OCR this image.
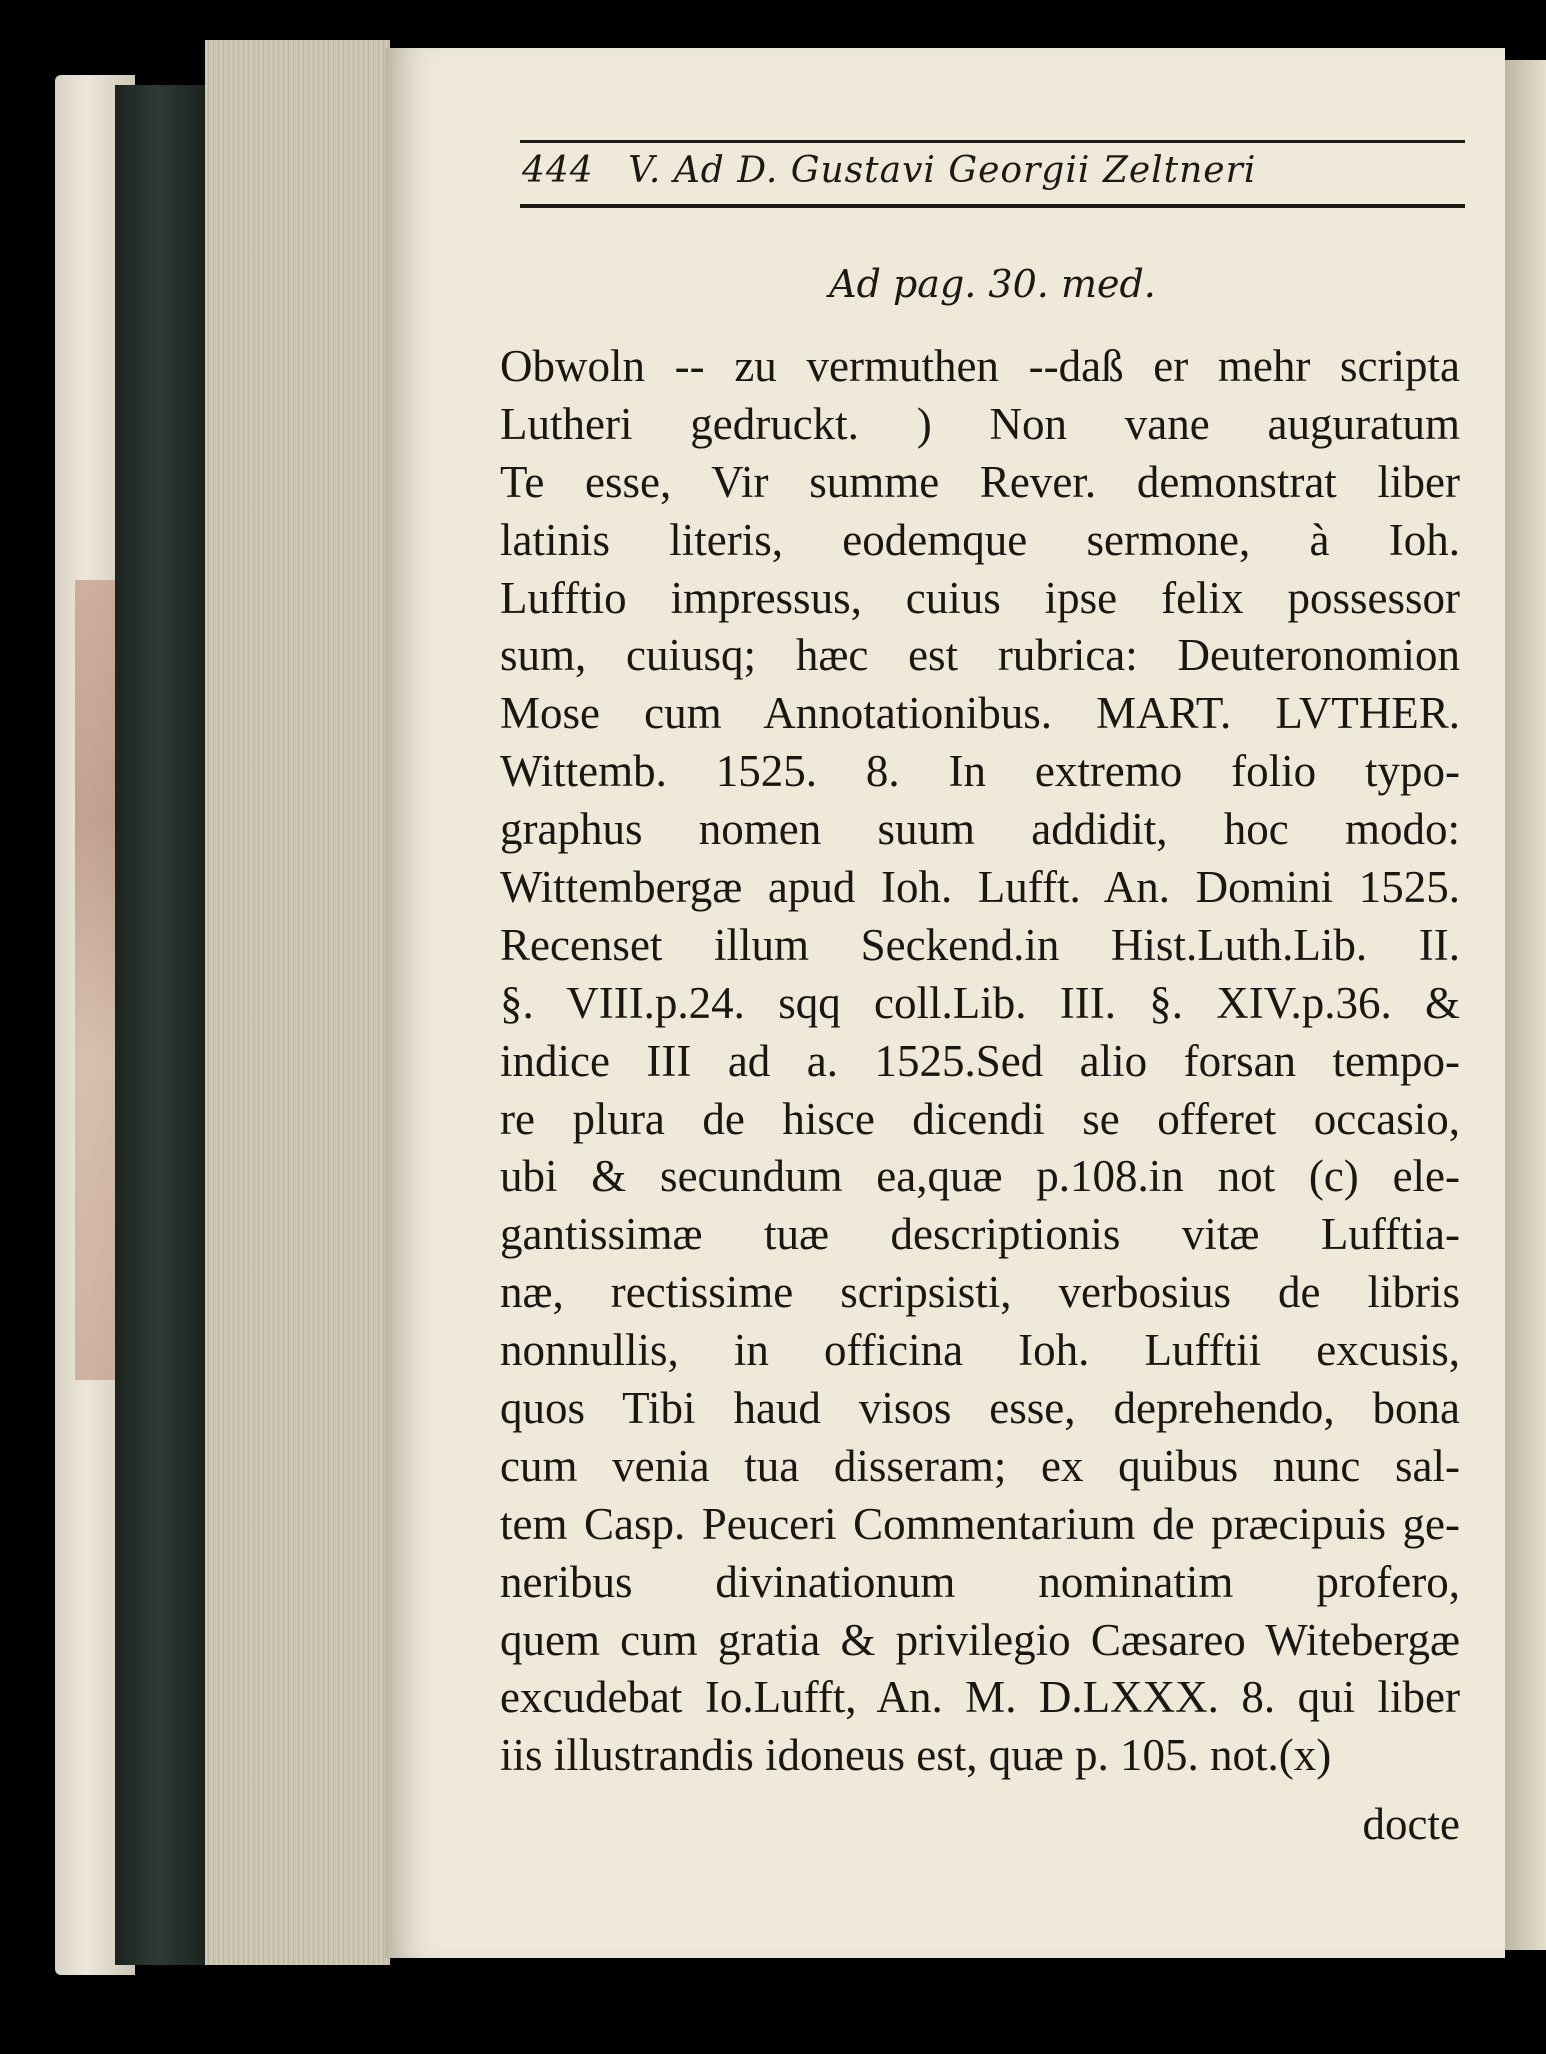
444 V. Ad D. Gustavi Georgii Zeltneri
Ad pag. 30. med.
Obwoln -- zu vermuthen --daß er mehr scripta
Lutheri gedruckt. ) Non vane auguratum
Te esse, Vir summe Rever. demonstrat liber
latinis literis, eodemque sermone, à Ioh.
Lufftio impressus, cuius ipse felix possessor
sum, cuiusq; hæc est rubrica: Deuteronomion
Mose cum Annotationibus. MART. LVTHER.
Wittemb. 1525. 8. In extremo folio typo-
graphus nomen suum addidit, hoc modo:
Wittembergæ apud Ioh. Lufft. An. Domini 1525.
Recenset illum Seckend.in Hist.Luth.Lib. II.
§. VIII.p.24. sqq coll.Lib. III. §. XIV.p.36. &
indice III ad a. 1525.Sed alio forsan tempo-
re plura de hisce dicendi se offeret occasio,
ubi & secundum ea,quæ p.108.in not (c) ele-
gantissimæ tuæ descriptionis vitæ Lufftia-
næ, rectissime scripsisti, verbosius de libris
nonnullis, in officina Ioh. Lufftii excusis,
quos Tibi haud visos esse, deprehendo, bona
cum venia tua disseram; ex quibus nunc sal-
tem Casp. Peuceri Commentarium de præcipuis ge-
neribus divinationum nominatim profero,
quem cum gratia & privilegio Cæsareo Witebergæ
excudebat Io.Lufft, An. M. D.LXXX. 8. qui liber
iis illustrandis idoneus est, quæ p. 105. not.(x)
docte
